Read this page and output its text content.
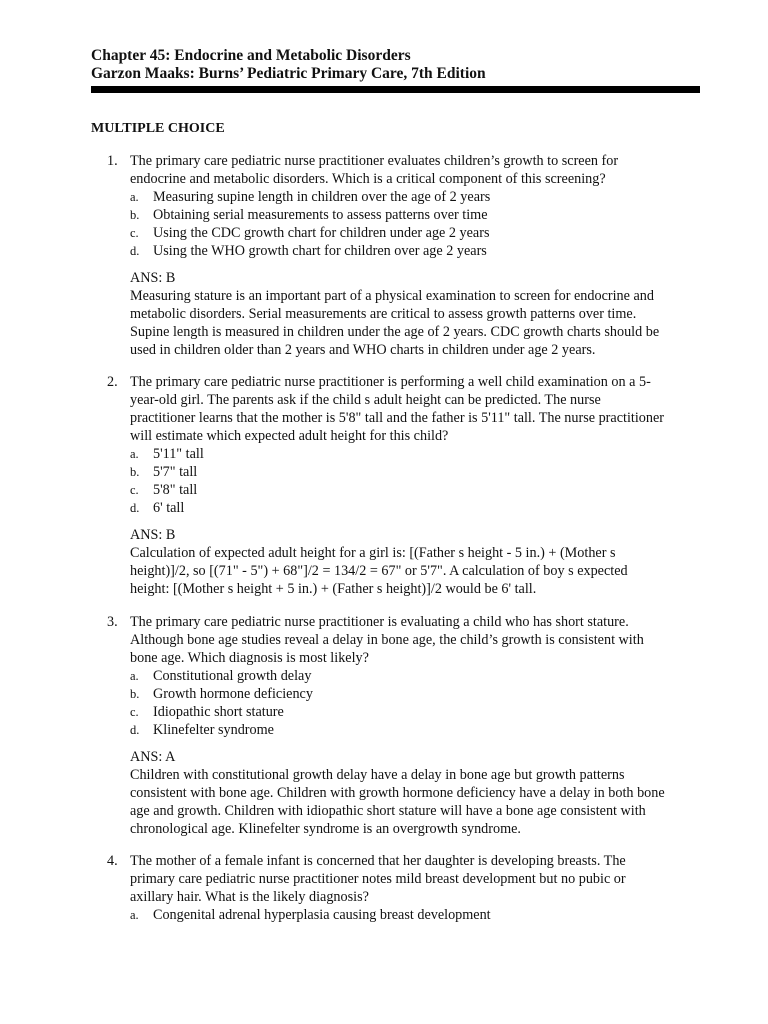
Chapter 45: Endocrine and Metabolic Disorders
Garzon Maaks: Burns’ Pediatric Primary Care, 7th Edition
MULTIPLE CHOICE
1. The primary care pediatric nurse practitioner evaluates children’s growth to screen for
endocrine and metabolic disorders. Which is a critical component of this screening?
a. Measuring supine length in children over the age of 2 years
b. Obtaining serial measurements to assess patterns over time
c. Using the CDC growth chart for children under age 2 years
d. Using the WHO growth chart for children over age 2 years
ANS: B
Measuring stature is an important part of a physical examination to screen for endocrine and
metabolic disorders. Serial measurements are critical to assess growth patterns over time.
Supine length is measured in children under the age of 2 years. CDC growth charts should be
used in children older than 2 years and WHO charts in children under age 2 years.
2. The primary care pediatric nurse practitioner is performing a well child examination on a 5-
year-old girl. The parents ask if the child s adult height can be predicted. The nurse
practitioner learns that the mother is 5'8" tall and the father is 5'11" tall. The nurse practitioner
will estimate which expected adult height for this child?
a. 5'11" tall
b. 5'7" tall
c. 5'8" tall
d. 6' tall
ANS: B
Calculation of expected adult height for a girl is: [(Father s height - 5 in.) + (Mother s
height)]/2, so [(71" - 5") + 68"]/2 = 134/2 = 67" or 5'7". A calculation of boy s expected
height: [(Mother s height + 5 in.) + (Father s height)]/2 would be 6' tall.
3. The primary care pediatric nurse practitioner is evaluating a child who has short stature.
Although bone age studies reveal a delay in bone age, the child’s growth is consistent with
bone age. Which diagnosis is most likely?
a. Constitutional growth delay
b. Growth hormone deficiency
c. Idiopathic short stature
d. Klinefelter syndrome
ANS: A
Children with constitutional growth delay have a delay in bone age but growth patterns
consistent with bone age. Children with growth hormone deficiency have a delay in both bone
age and growth. Children with idiopathic short stature will have a bone age consistent with
chronological age. Klinefelter syndrome is an overgrowth syndrome.
4. The mother of a female infant is concerned that her daughter is developing breasts. The
primary care pediatric nurse practitioner notes mild breast development but no pubic or
axillary hair. What is the likely diagnosis?
a. Congenital adrenal hyperplasia causing breast development
